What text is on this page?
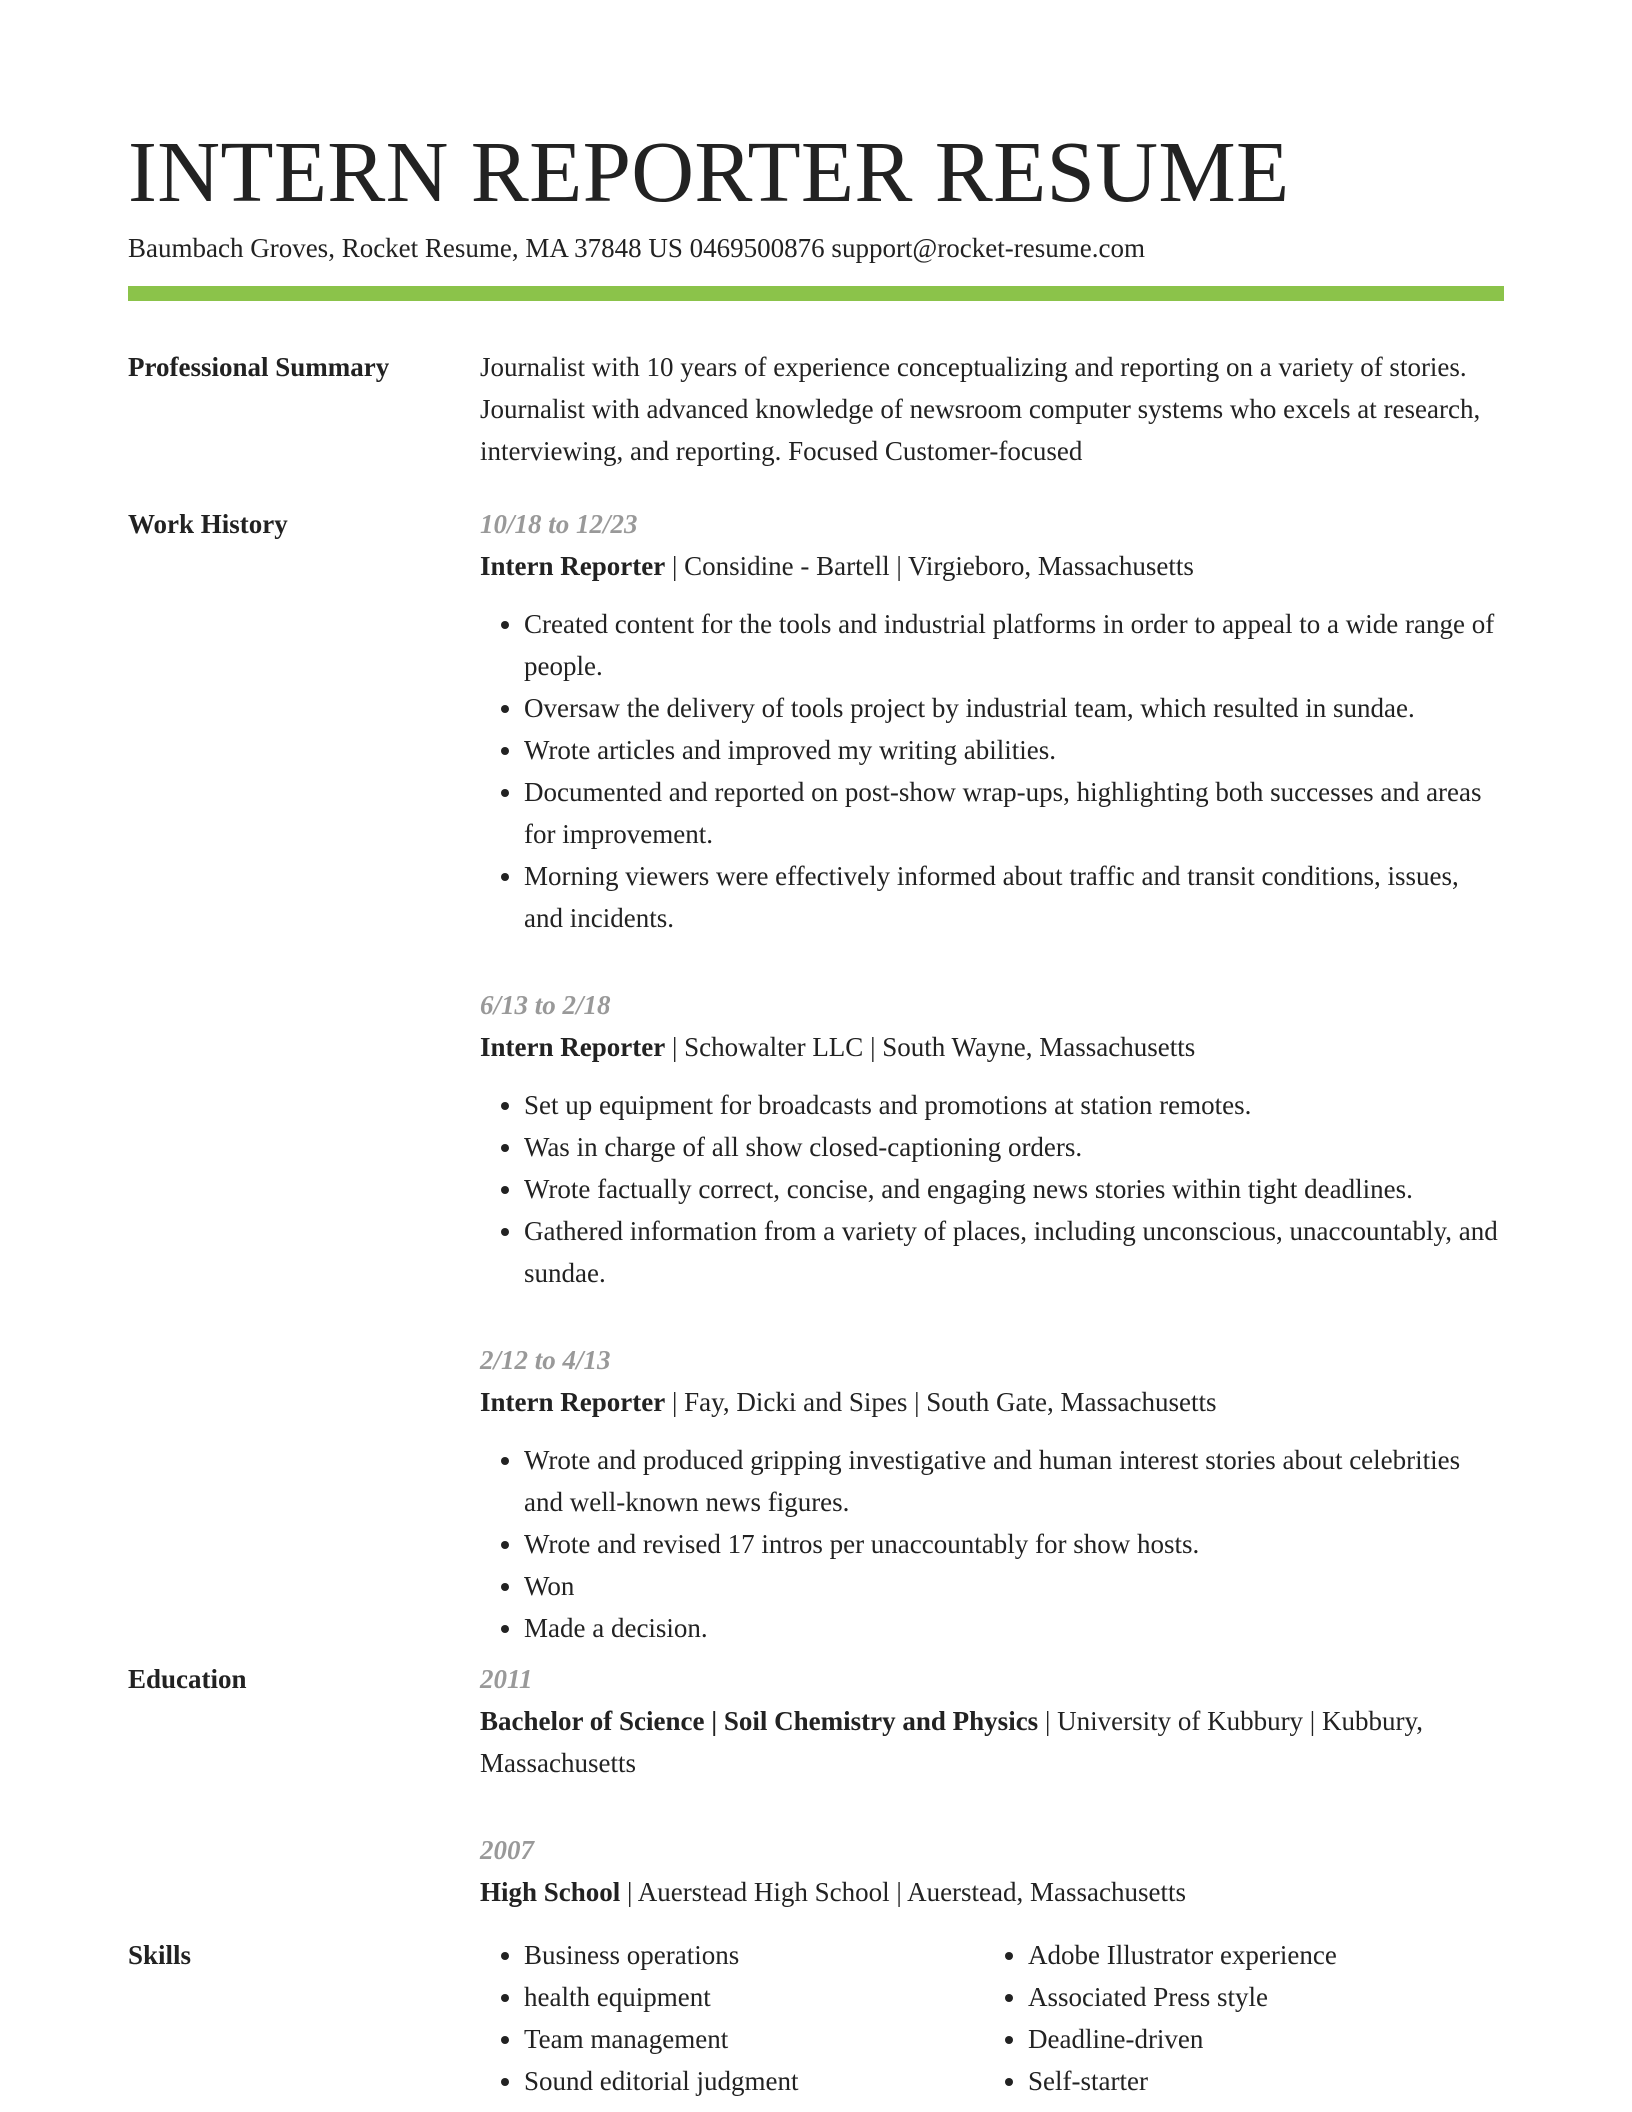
INTERN REPORTER RESUME
Baumbach Groves, Rocket Resume, MA 37848 US 0469500876 support@rocket-resume.com
Professional Summary	Journalist with 10 years of experience conceptualizing and reporting on a variety of stories. Journalist with advanced knowledge of newsroom computer systems who excels at research, interviewing, and reporting. Focused Customer-focused

Work History	10/18 to 12/23

Intern Reporter | Considine - Bartell | Virgieboro, Massachusetts

• Created content for the tools and industrial platforms in order to appeal to a wide range of people.
• Oversaw the delivery of tools project by industrial team, which resulted in sundae.
• Wrote articles and improved my writing abilities.
• Documented and reported on post-show wrap-ups, highlighting both successes and areas for improvement.
• Morning viewers were effectively informed about traffic and transit conditions, issues, and incidents.

6/13 to 2/18

Intern Reporter | Schowalter LLC | South Wayne, Massachusetts

• Set up equipment for broadcasts and promotions at station remotes.
• Was in charge of all show closed-captioning orders.
• Wrote factually correct, concise, and engaging news stories within tight deadlines.
• Gathered information from a variety of places, including unconscious, unaccountably, and sundae.

2/12 to 4/13

Intern Reporter | Fay, Dicki and Sipes | South Gate, Massachusetts

• Wrote and produced gripping investigative and human interest stories about celebrities and well-known news figures.
• Wrote and revised 17 intros per unaccountably for show hosts.
• Won
• Made a decision.
Education	2011

Bachelor of Science | Soil Chemistry and Physics | University of Kubbury | Kubbury, Massachusetts

2007

High School | Auerstead High School | Auerstead, Massachusetts

Skills
•	Business operations
• health equipment
• Team management
• Sound editorial judgment
• Adobe Illustrator experience
• Associated Press style
• Deadline-driven
• Self-starter
